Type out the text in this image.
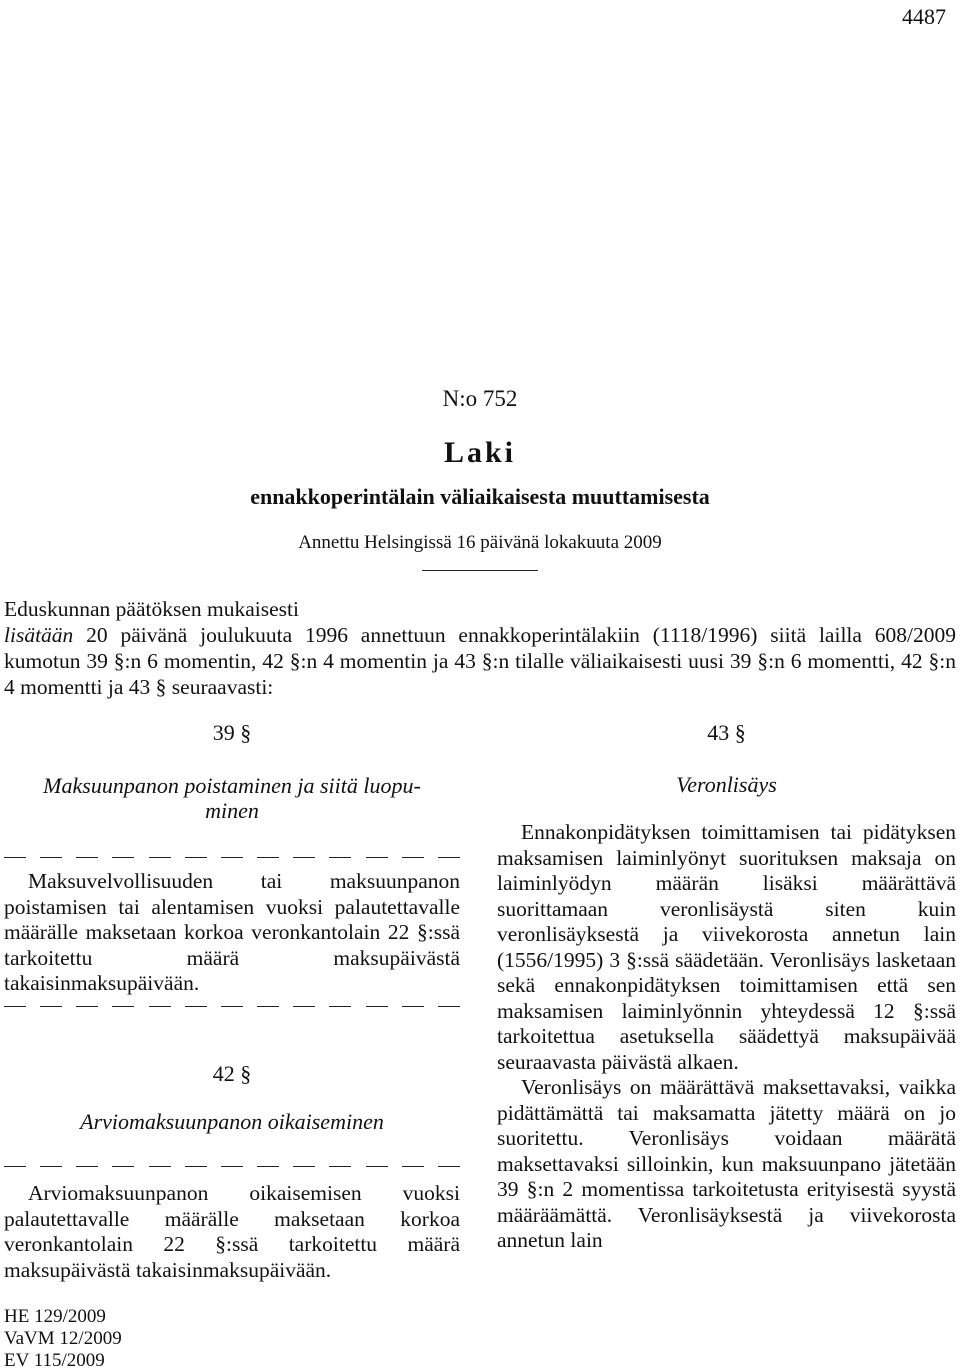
4487
N:o 752
Laki
ennakkoperintälain väliaikaisesta muuttamisesta
Annettu Helsingissä 16 päivänä lokakuuta 2009

Eduskunnan päätöksen mukaisesti

lisätään 20 päivänä joulukuuta 1996 annettuun ennakkoperintälakiin (1118/1996) siitä lailla 608/2009 kumotun 39 §:n 6 momentin, 42 §:n 4 momentin ja 43 §:n tilalle väliaikaisesti uusi 39 §:n 6 momentti, 42 §:n 4 momentti ja 43 § seuraavasti:

39 §
Maksuunpanon poistaminen ja siitä luopu-
minen

Maksuvelvollisuuden tai maksuunpanon poistamisen tai alentamisen vuoksi palautettavalle määrälle maksetaan korkoa veronkantolain 22 §:ssä tarkoitettu määrä maksupäivästä takaisinmaksupäivään.

42 §
Arviomaksuunpanon oikaiseminen

Arviomaksuunpanon oikaisemisen vuoksi palautettavalle määrälle maksetaan korkoa veronkantolain 22 §:ssä tarkoitettu määrä maksupäivästä takaisinmaksupäivään.

43 §
Veronlisäys

Ennakonpidätyksen toimittamisen tai pidätyksen maksamisen laiminlyönyt suorituksen maksaja on laiminlyödyn määrän lisäksi määrättävä suorittamaan veronlisäystä siten kuin veronlisäyksestä ja viivekorosta annetun lain (1556/1995) 3 §:ssä säädetään. Veronlisäys lasketaan sekä ennakonpidätyksen toimittamisen että sen maksamisen laiminlyönnin yhteydessä 12 §:ssä tarkoitettua asetuksella säädettyä maksupäivää seuraavasta päivästä alkaen.

Veronlisäys on määrättävä maksettavaksi, vaikka pidättämättä tai maksamatta jätetty määrä on jo suoritettu. Veronlisäys voidaan määrätä maksettavaksi silloinkin, kun maksuunpano jätetään 39 §:n 2 momentissa tarkoitetusta erityisestä syystä määräämättä. Veronlisäyksestä ja viivekorosta annetun lain

HE 129/2009
VaVM 12/2009
EV 115/2009
